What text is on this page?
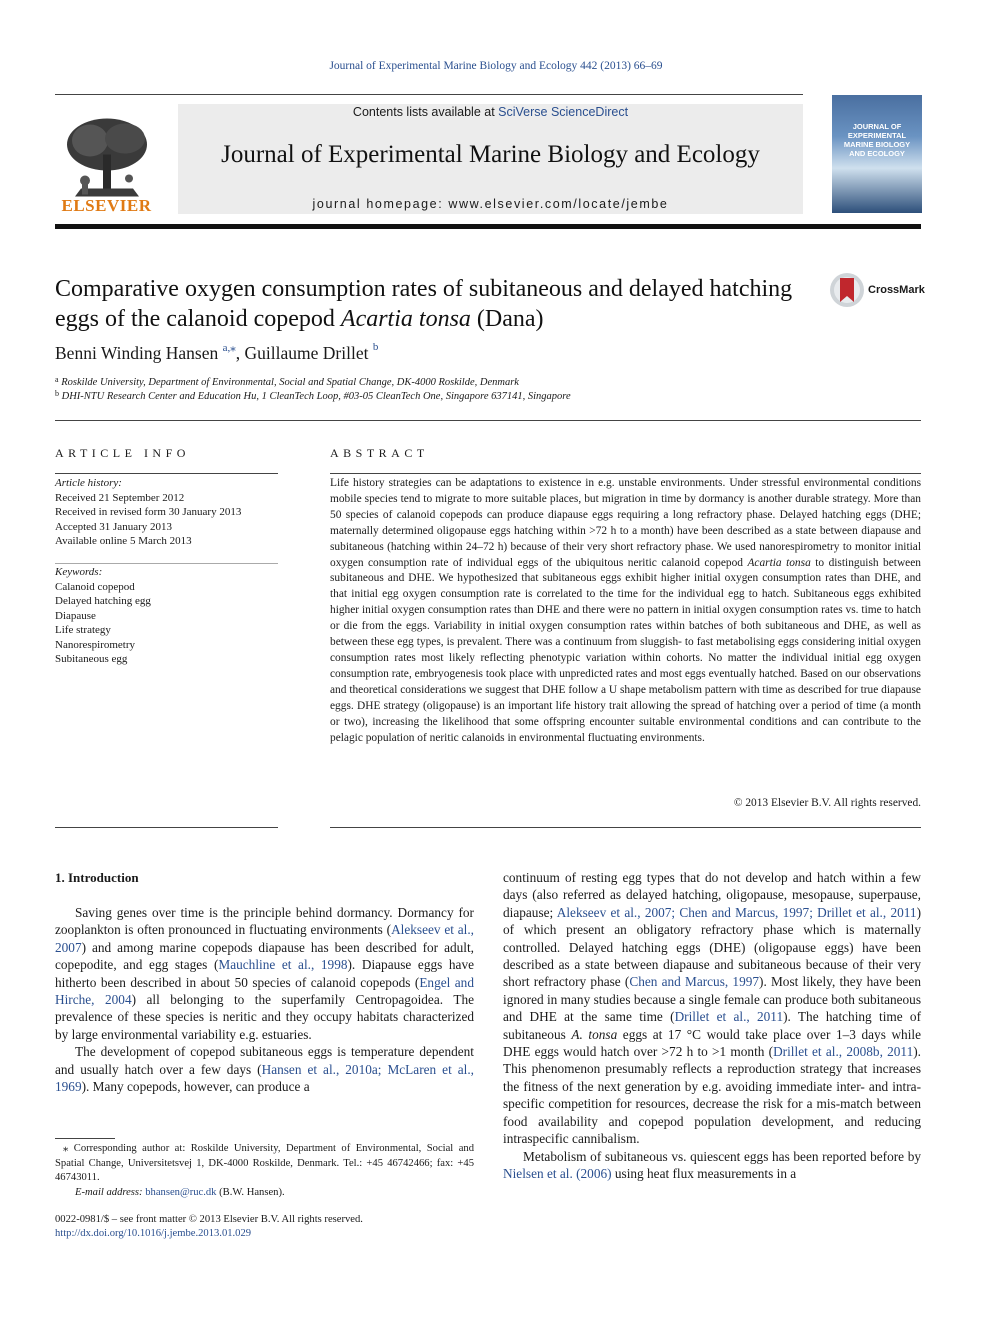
Journal of Experimental Marine Biology and Ecology 442 (2013) 66–69
ELSEVIER
Contents lists available at SciVerse ScienceDirect
Journal of Experimental Marine Biology and Ecology
journal homepage: www.elsevier.com/locate/jembe
JOURNAL OF EXPERIMENTAL MARINE BIOLOGY AND ECOLOGY
Comparative oxygen consumption rates of subitaneous and delayed hatching eggs of the calanoid copepod Acartia tonsa (Dana)
CrossMark
Benni Winding Hansen $^{a,⁎}$, Guillaume Drillet $^b$
$^a$ Roskilde University, Department of Environmental, Social and Spatial Change, DK-4000 Roskilde, Denmark
$^b$ DHI-NTU Research Center and Education Hu, 1 CleanTech Loop, #03-05 CleanTech One, Singapore 637141, Singapore
ARTICLE INFO	ABSTRACT
Article history:
Received 21 September 2012
Received in revised form 30 January 2013
Accepted 31 January 2013
Available online 5 March 2013
Keywords:
Calanoid copepod
Delayed hatching egg
Diapause
Life strategy
Nanorespirometry
Subitaneous egg
Life history strategies can be adaptations to existence in e.g. unstable environments. Under stressful environmental conditions mobile species tend to migrate to more suitable places, but migration in time by dormancy is another durable strategy. More than 50 species of calanoid copepods can produce diapause eggs requiring a long refractory phase. Delayed hatching eggs (DHE; maternally determined oligopause eggs hatching within >72 h to a month) have been described as a state between diapause and subitaneous (hatching within 24–72 h) because of their very short refractory phase. We used nanorespirometry to monitor initial oxygen consumption rate of individual eggs of the ubiquitous neritic calanoid copepod Acartia tonsa to distinguish between subitaneous and DHE. We hypothesized that subitaneous eggs exhibit higher initial oxygen consumption rates than DHE, and that initial egg oxygen consumption rate is correlated to the time for the individual egg to hatch. Subitaneous eggs exhibited higher initial oxygen consumption rates than DHE and there were no pattern in initial oxygen consumption rates vs. time to hatch or die from the eggs. Variability in initial oxygen consumption rates within batches of both subitaneous and DHE, as well as between these egg types, is prevalent. There was a continuum from sluggish- to fast metabolising eggs considering initial oxygen consumption rates most likely reflecting phenotypic variation within cohorts. No matter the individual initial egg oxygen consumption rate, embryogenesis took place with unpredicted rates and most eggs eventually hatched. Based on our observations and theoretical considerations we suggest that DHE follow a U shape metabolism pattern with time as described for true diapause eggs. DHE strategy (oligopause) is an important life history trait allowing the spread of hatching over a period of time (a month or two), increasing the likelihood that some offspring encounter suitable environmental conditions and can contribute to the pelagic population of neritic calanoids in environmental fluctuating environments.
© 2013 Elsevier B.V. All rights reserved.
1. Introduction

Saving genes over time is the principle behind dormancy. Dormancy for zooplankton is often pronounced in fluctuating environments (Alekseev et al., 2007) and among marine copepods diapause has been described for adult, copepodite, and egg stages (Mauchline et al., 1998). Diapause eggs have hitherto been described in about 50 species of calanoid copepods (Engel and Hirche, 2004) all belonging to the superfamily Centropagoidea. The prevalence of these species is neritic and they occupy habitats characterized by large environmental variability e.g. estuaries.

The development of copepod subitaneous eggs is temperature dependent and usually hatch over a few days (Hansen et al., 2010a; McLaren et al., 1969). Many copepods, however, can produce a

continuum of resting egg types that do not develop and hatch within a few days (also referred as delayed hatching, oligopause, mesopause, superpause, diapause; Alekseev et al., 2007; Chen and Marcus, 1997; Drillet et al., 2011) of which present an obligatory refractory phase which is maternally controlled. Delayed hatching eggs (DHE) (oligopause eggs) have been described as a state between diapause and subitaneous because of their very short refractory phase (Chen and Marcus, 1997). Most likely, they have been ignored in many studies because a single female can produce both subitaneous and DHE at the same time (Drillet et al., 2011). The hatching time of subitaneous A. tonsa eggs at 17 °C would take place over 1–3 days while DHE eggs would hatch over >72 h to >1 month (Drillet et al., 2008b, 2011). This phenomenon presumably reflects a reproduction strategy that increases the fitness of the next generation by e.g. avoiding immediate inter- and intra-specific competition for resources, decrease the risk for a mis-match between food availability and copepod population development, and reducing intraspecific cannibalism.

Metabolism of subitaneous vs. quiescent eggs has been reported before by Nielsen et al. (2006) using heat flux measurements in a

⁎ Corresponding author at: Roskilde University, Department of Environmental, Social and Spatial Change, Universitetsvej 1, DK-4000 Roskilde, Denmark. Tel.: +45 46742466; fax: +45 46743011.

E-mail address: bhansen@ruc.dk (B.W. Hansen).

0022-0981/$ – see front matter © 2013 Elsevier B.V. All rights reserved.
http://dx.doi.org/10.1016/j.jembe.2013.01.029
